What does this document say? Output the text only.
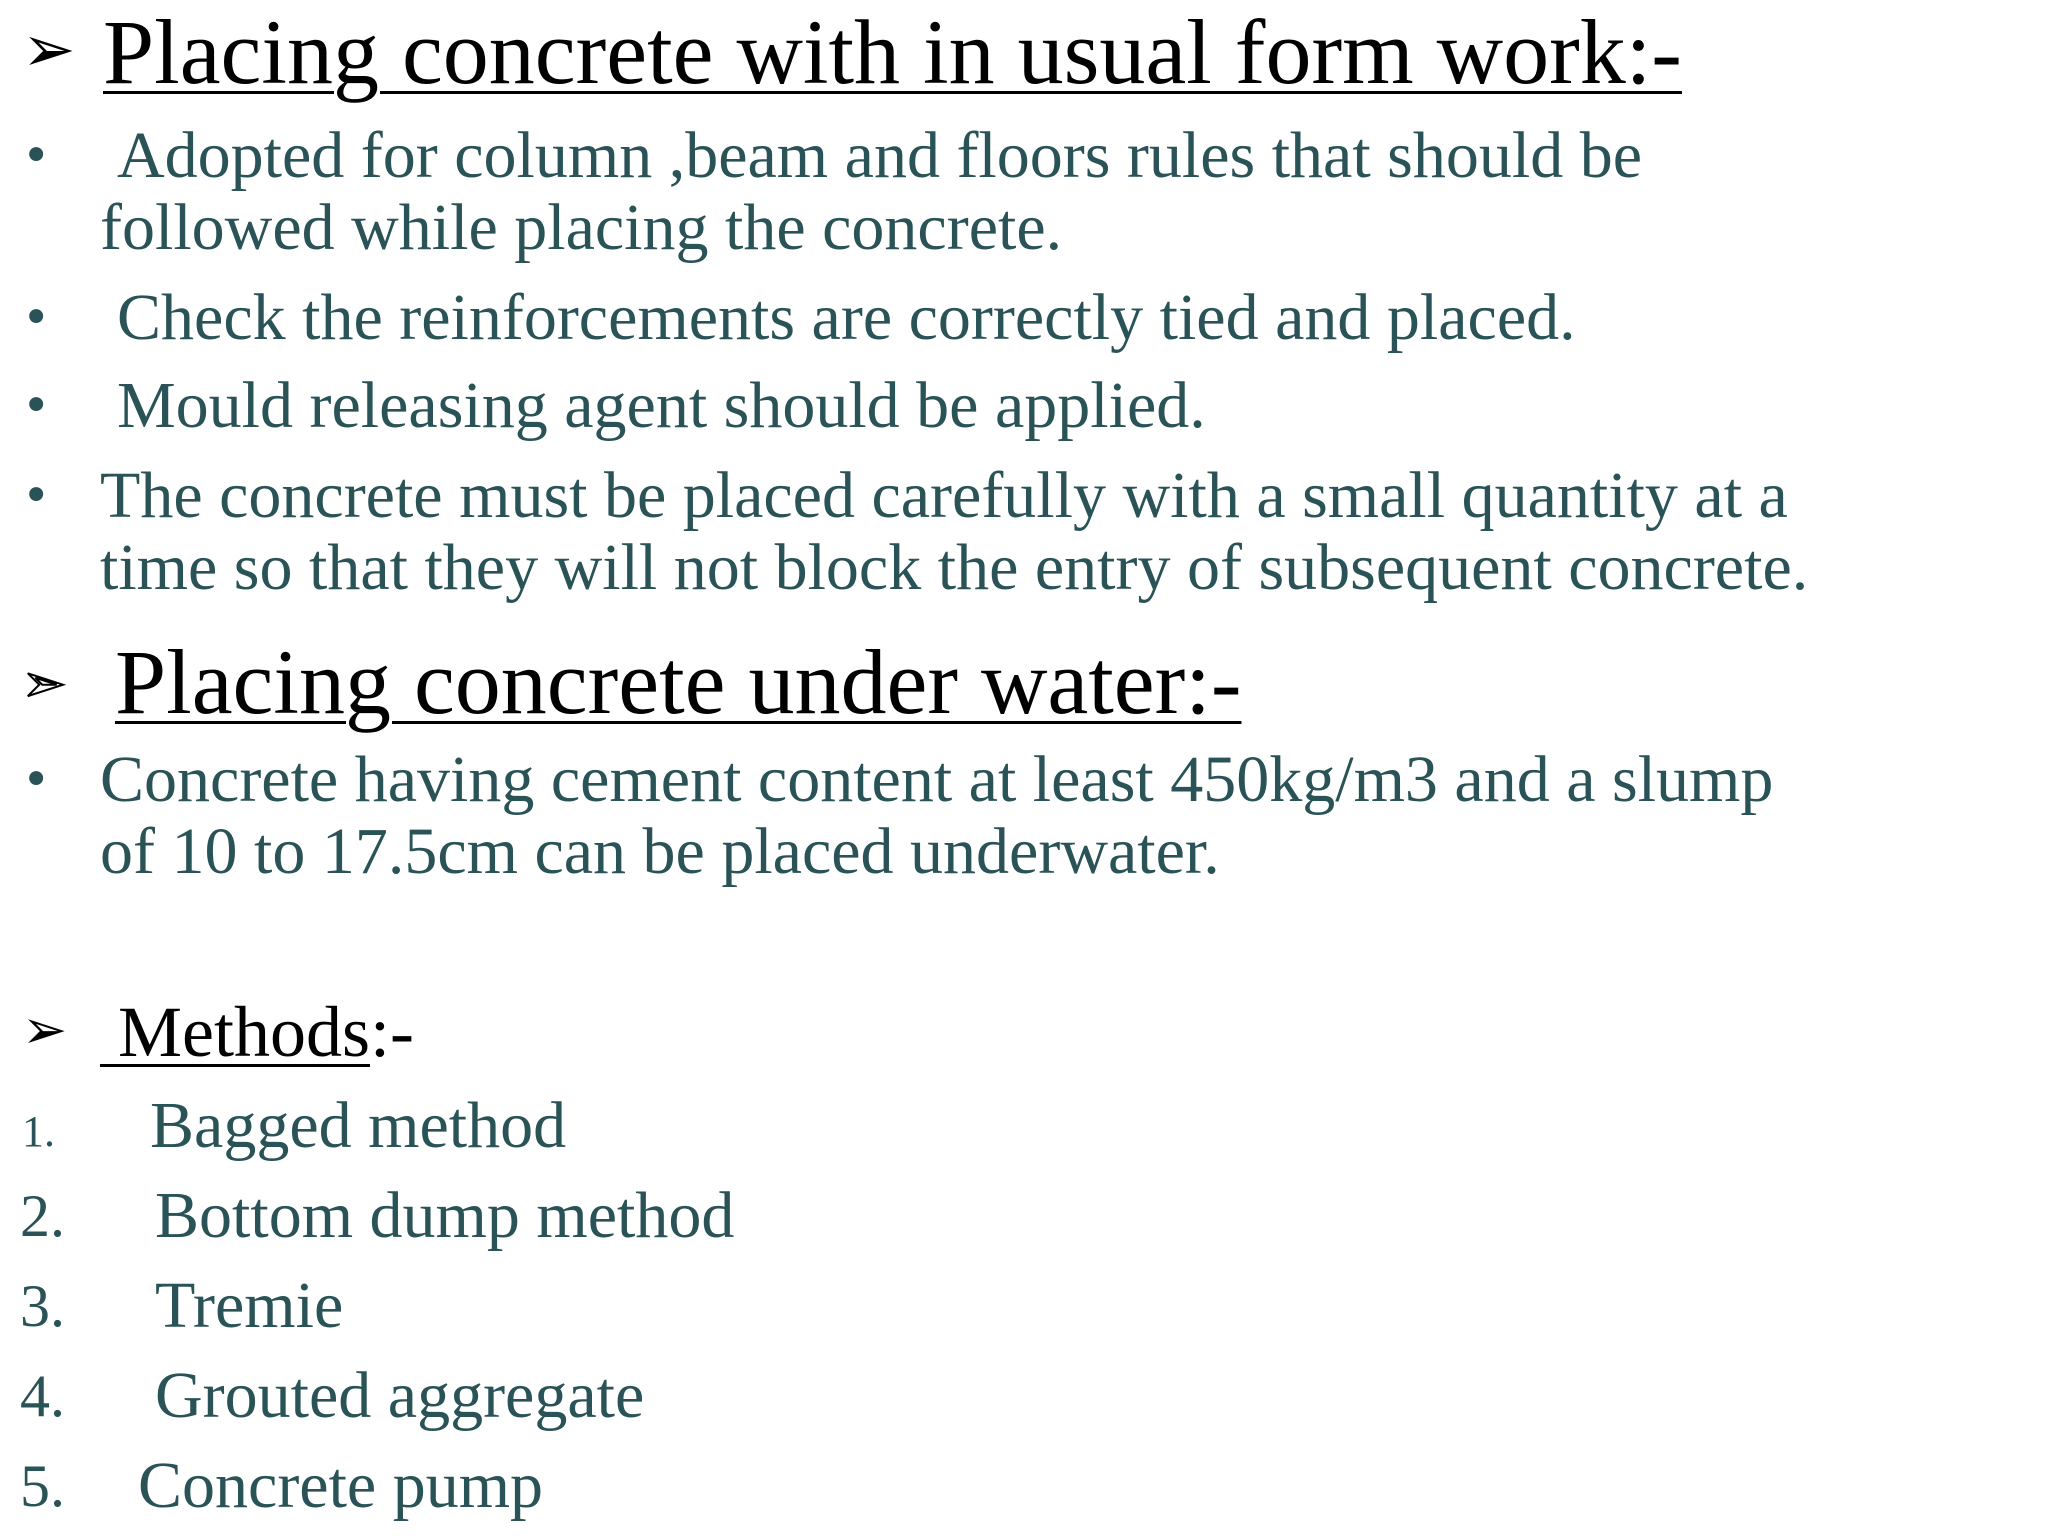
➢ Placing concrete with in usual form work:-
• Adopted for column ,beam and floors rules that should be
followed while placing the concrete.
• Check the reinforcements are correctly tied and placed.
• Mould releasing agent should be applied.
• The concrete must be placed carefully with a small quantity at a
time so that they will not block the entry of subsequent concrete.
➢ Placing concrete under water:-
• Concrete having cement content at least 450kg/m3 and a slump
of 10 to 17.5cm can be placed underwater.
➢
  Methods:-
1. Bagged method
2. Bottom dump method
3. Tremie
4. Grouted aggregate
5. Concrete pump
